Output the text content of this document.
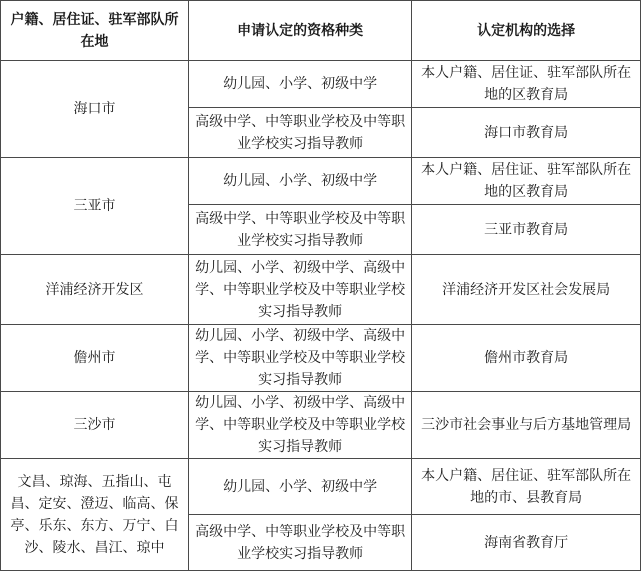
户籍、居住证、驻军部队所在地	申请认定的资格种类	认定机构的选择
海口市	幼儿园、小学、初级中学	本人户籍、居住证、驻军部队所在地的区教育局
	高级中学、中等职业学校及中等职业学校实习指导教师	海口市教育局
三亚市	幼儿园、小学、初级中学	本人户籍、居住证、驻军部队所在地的区教育局
	高级中学、中等职业学校及中等职业学校实习指导教师	三亚市教育局
洋浦经济开发区	幼儿园、小学、初级中学、高级中学、中等职业学校及中等职业学校实习指导教师	洋浦经济开发区社会发展局
儋州市	幼儿园、小学、初级中学、高级中学、中等职业学校及中等职业学校实习指导教师	儋州市教育局
三沙市	幼儿园、小学、初级中学、高级中学、中等职业学校及中等职业学校实习指导教师	三沙市社会事业与后方基地管理局
文昌、琼海、五指山、屯昌、定安、澄迈、临高、保亭、乐东、东方、万宁、白沙、陵水、昌江、琼中	幼儿园、小学、初级中学	本人户籍、居住证、驻军部队所在地的市、县教育局
	高级中学、中等职业学校及中等职业学校实习指导教师	海南省教育厅
